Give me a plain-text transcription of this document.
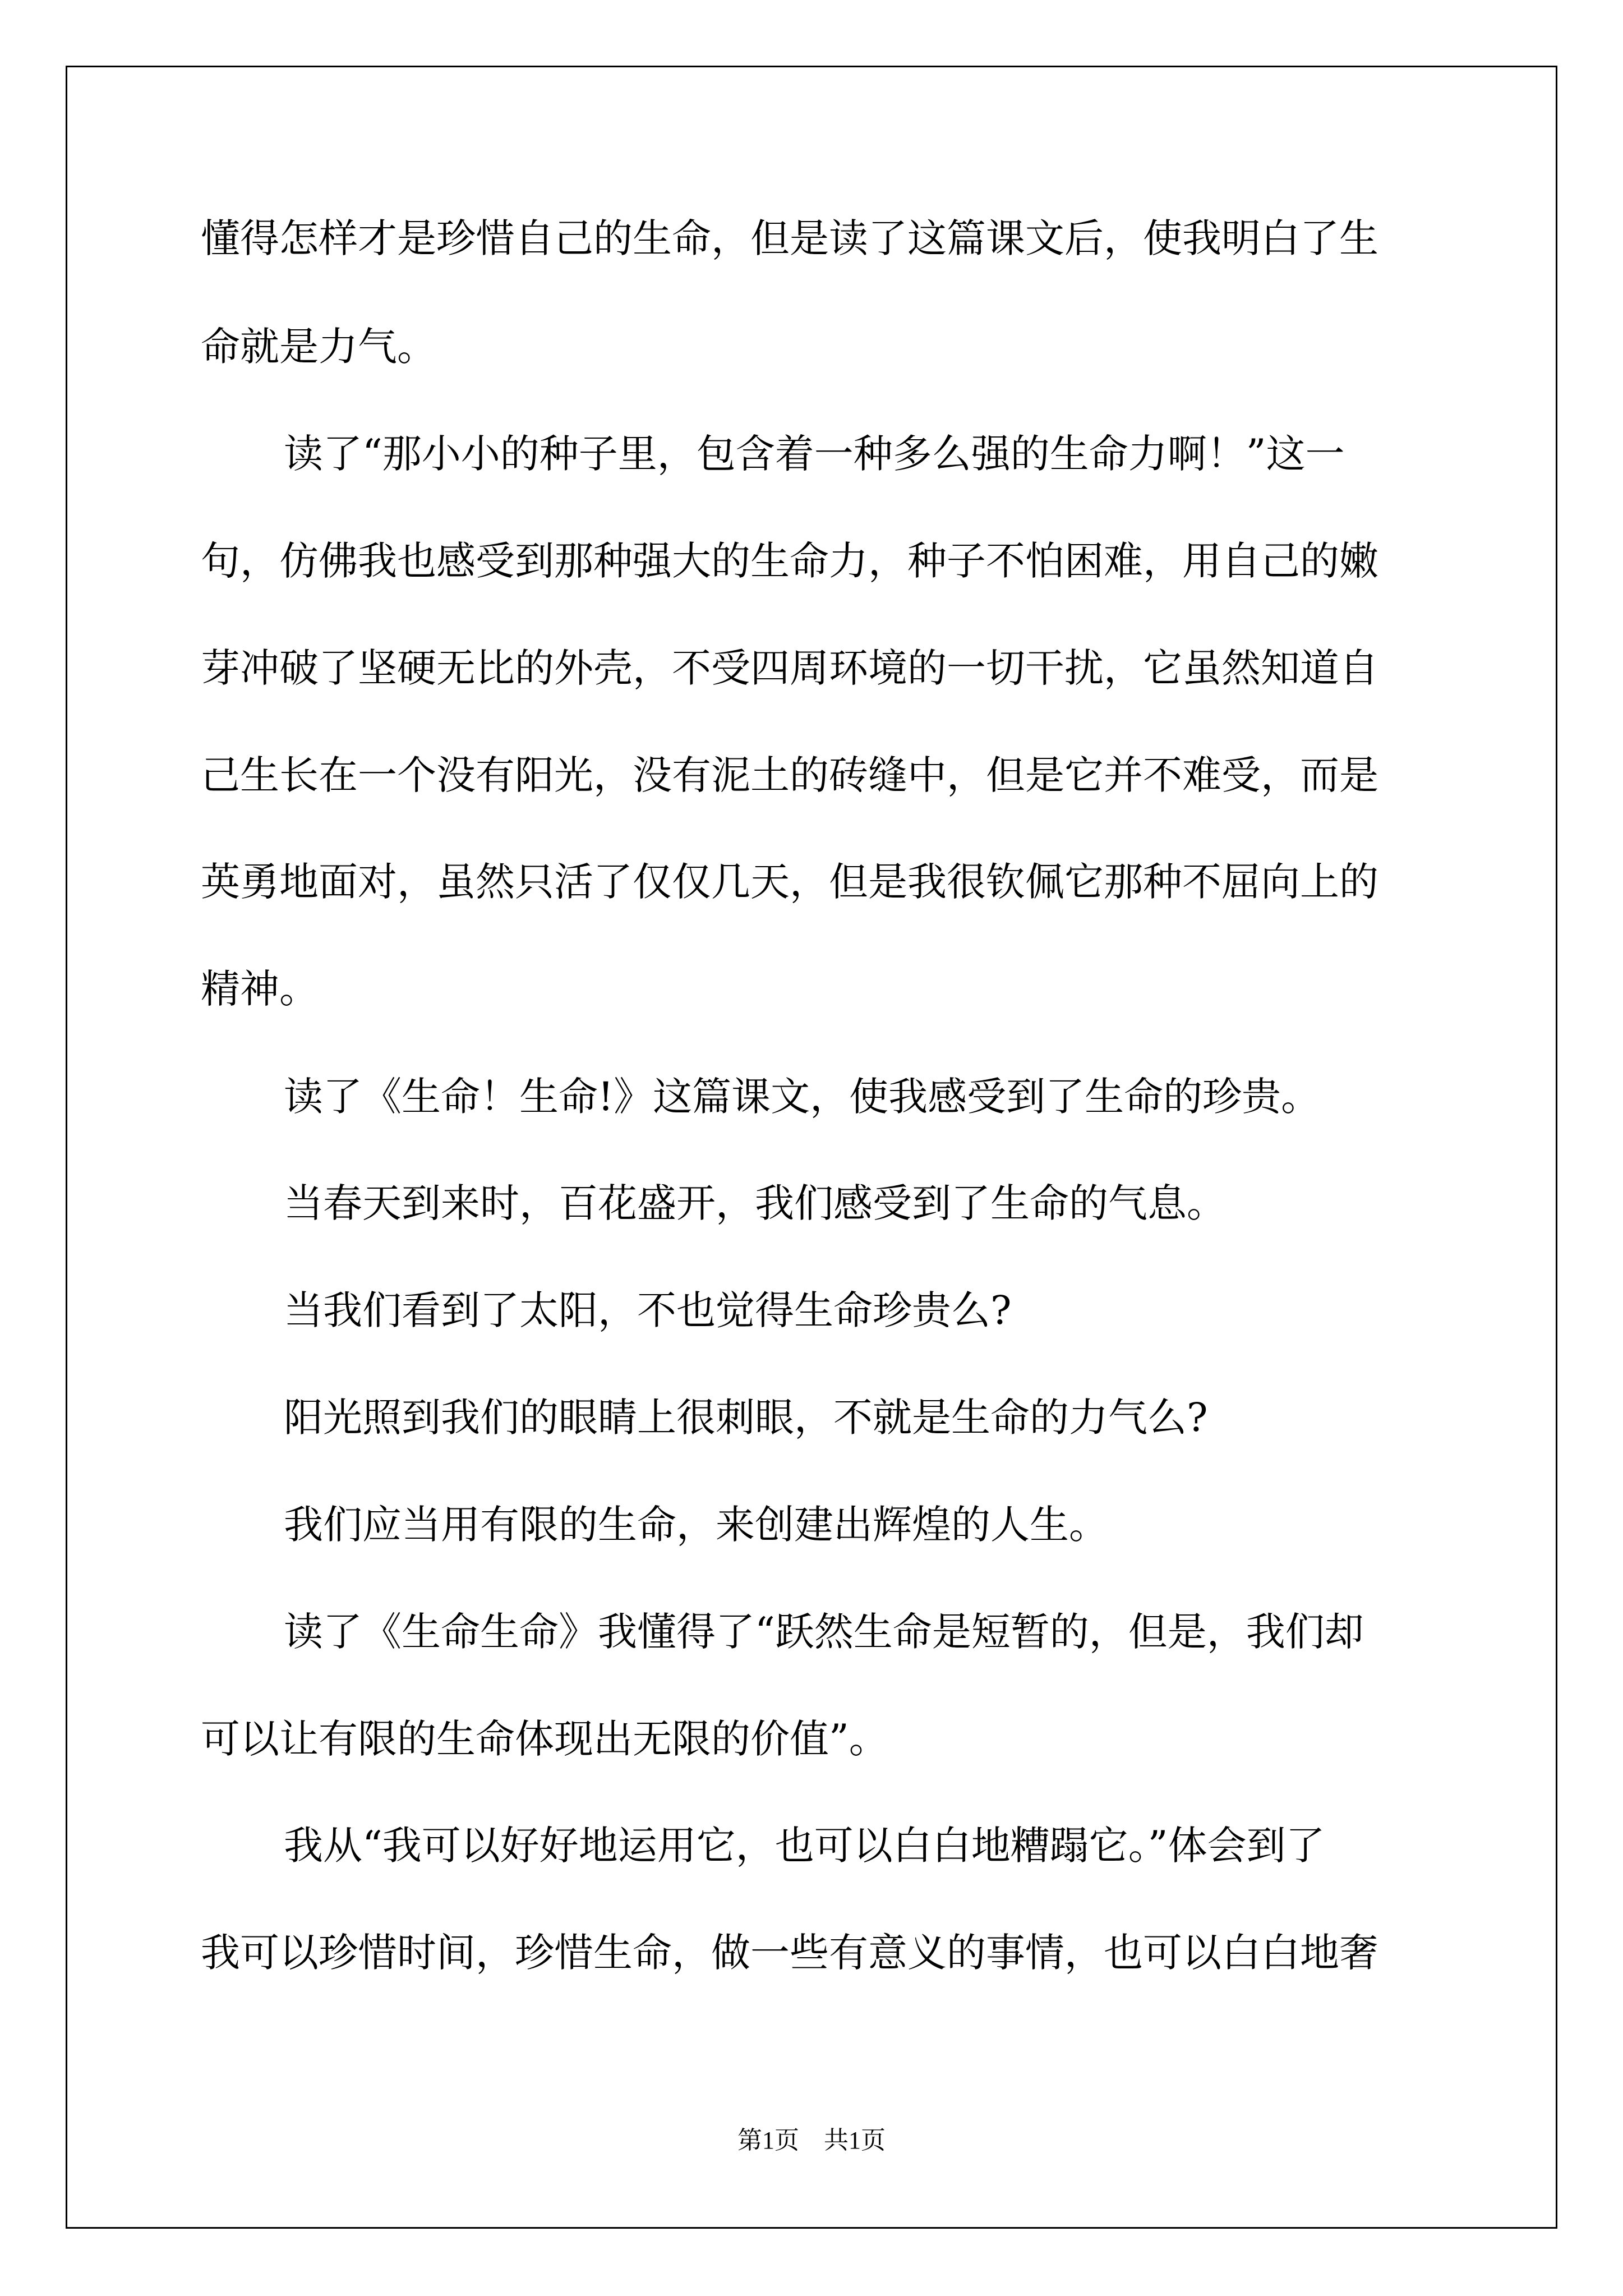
懂得怎样才是珍惜自己的生命，但是读了这篇课文后，使我明白了生
命就是力气。
读了“那小小的种子里，包含着一种多么强的生命力啊！”这一
句，仿佛我也感受到那种强大的生命力，种子不怕困难，用自己的嫩
芽冲破了坚硬无比的外壳，不受四周环境的一切干扰，它虽然知道自
己生长在一个没有阳光，没有泥土的砖缝中，但是它并不难受，而是
英勇地面对，虽然只活了仅仅几天，但是我很钦佩它那种不屈向上的
精神。
读了《生命！生命!》这篇课文，使我感受到了生命的珍贵。
当春天到来时，百花盛开，我们感受到了生命的气息。
当我们看到了太阳，不也觉得生命珍贵么?
阳光照到我们的眼睛上很刺眼，不就是生命的力气么?
我们应当用有限的生命，来创建出辉煌的人生。
读了《生命生命》我懂得了“跃然生命是短暂的，但是，我们却
可以让有限的生命体现出无限的价值”。
我从“我可以好好地运用它，也可以白白地糟蹋它。”体会到了
我可以珍惜时间，珍惜生命，做一些有意义的事情，也可以白白地奢
第1页　共1页
